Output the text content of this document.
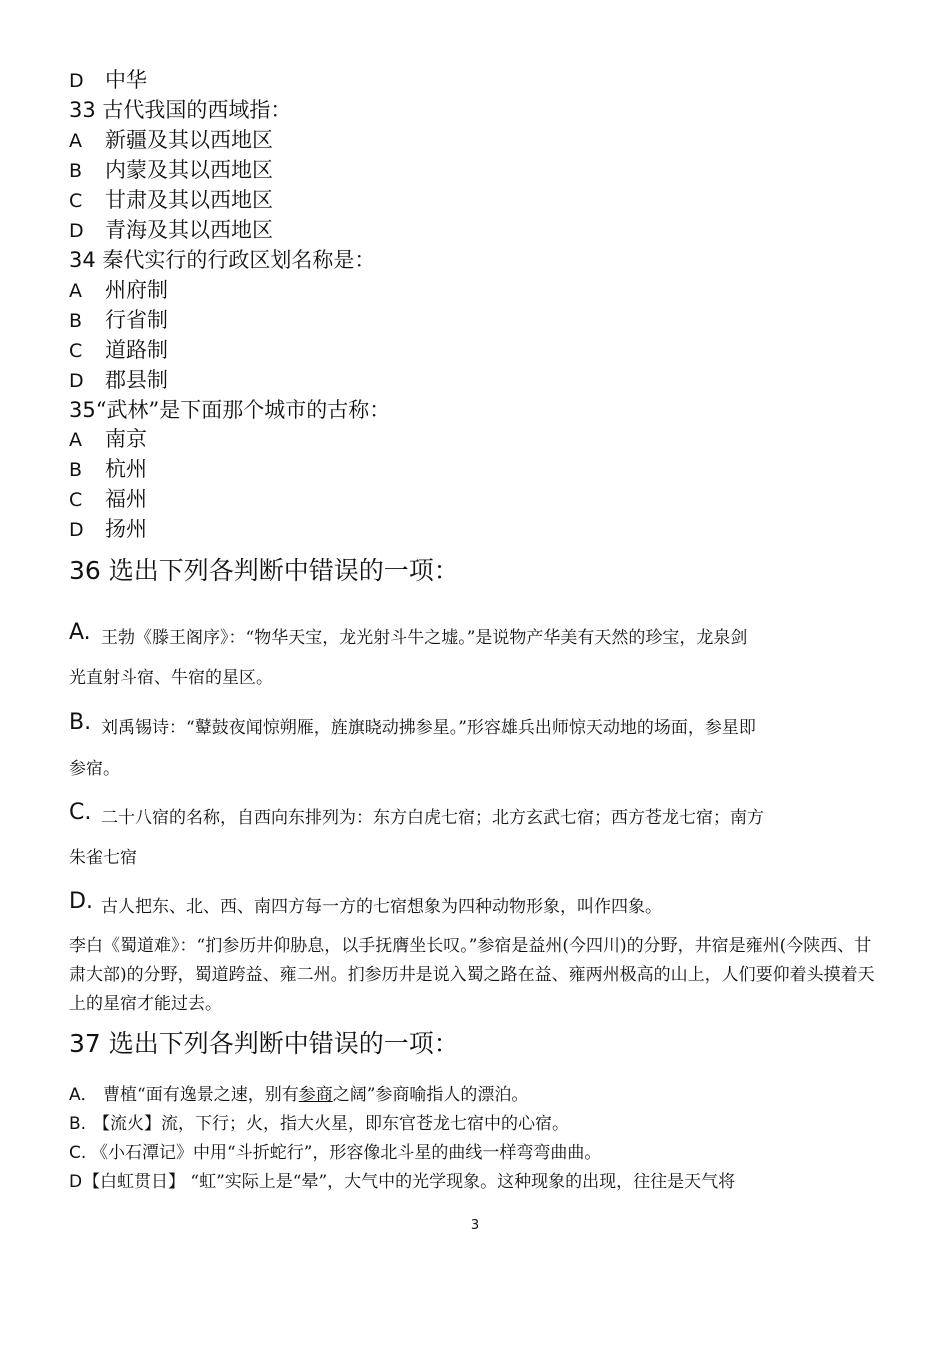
D 中华
33 古代我国的西域指：
A 新疆及其以西地区
B 内蒙及其以西地区
C 甘肃及其以西地区
D 青海及其以西地区
34 秦代实行的行政区划名称是：
A 州府制
B 行省制
C 道路制
D 郡县制
35“武林”是下面那个城市的古称：
A 南京
B 杭州
C 福州
D 扬州
36 选出下列各判断中错误的一项：
A. 王勃《滕王阁序》：“物华天宝，龙光射斗牛之墟。”是说物产华美有天然的珍宝，龙泉剑
光直射斗宿、牛宿的星区。
B. 刘禹锡诗：“鼙鼓夜闻惊朔雁，旌旗晓动拂参星。”形容雄兵出师惊天动地的场面，参星即
参宿。
C. 二十八宿的名称，自西向东排列为：东方白虎七宿；北方玄武七宿；西方苍龙七宿；南方
朱雀七宿
D. 古人把东、北、西、南四方每一方的七宿想象为四种动物形象，叫作四象。
李白《蜀道难》：“扪参历井仰胁息，以手抚膺坐长叹。”参宿是益州(今四川)的分野，井宿是雍州(今陕西、甘肃大部)的分野，蜀道跨益、雍二州。扪参历井是说入蜀之路在益、雍两州极高的山上，人们要仰着头摸着天上的星宿才能过去。
37 选出下列各判断中错误的一项：
A． 曹植“面有逸景之速，别有参商之阔”参商喻指人的漂泊。
B. 【流火】流，下行；火，指大火星，即东官苍龙七宿中的心宿。
C. 《小石潭记》中用“斗折蛇行”，形容像北斗星的曲线一样弯弯曲曲。
D【白虹贯日】 “虹”实际上是“晕”，大气中的光学现象。这种现象的出现，往往是天气将
3
